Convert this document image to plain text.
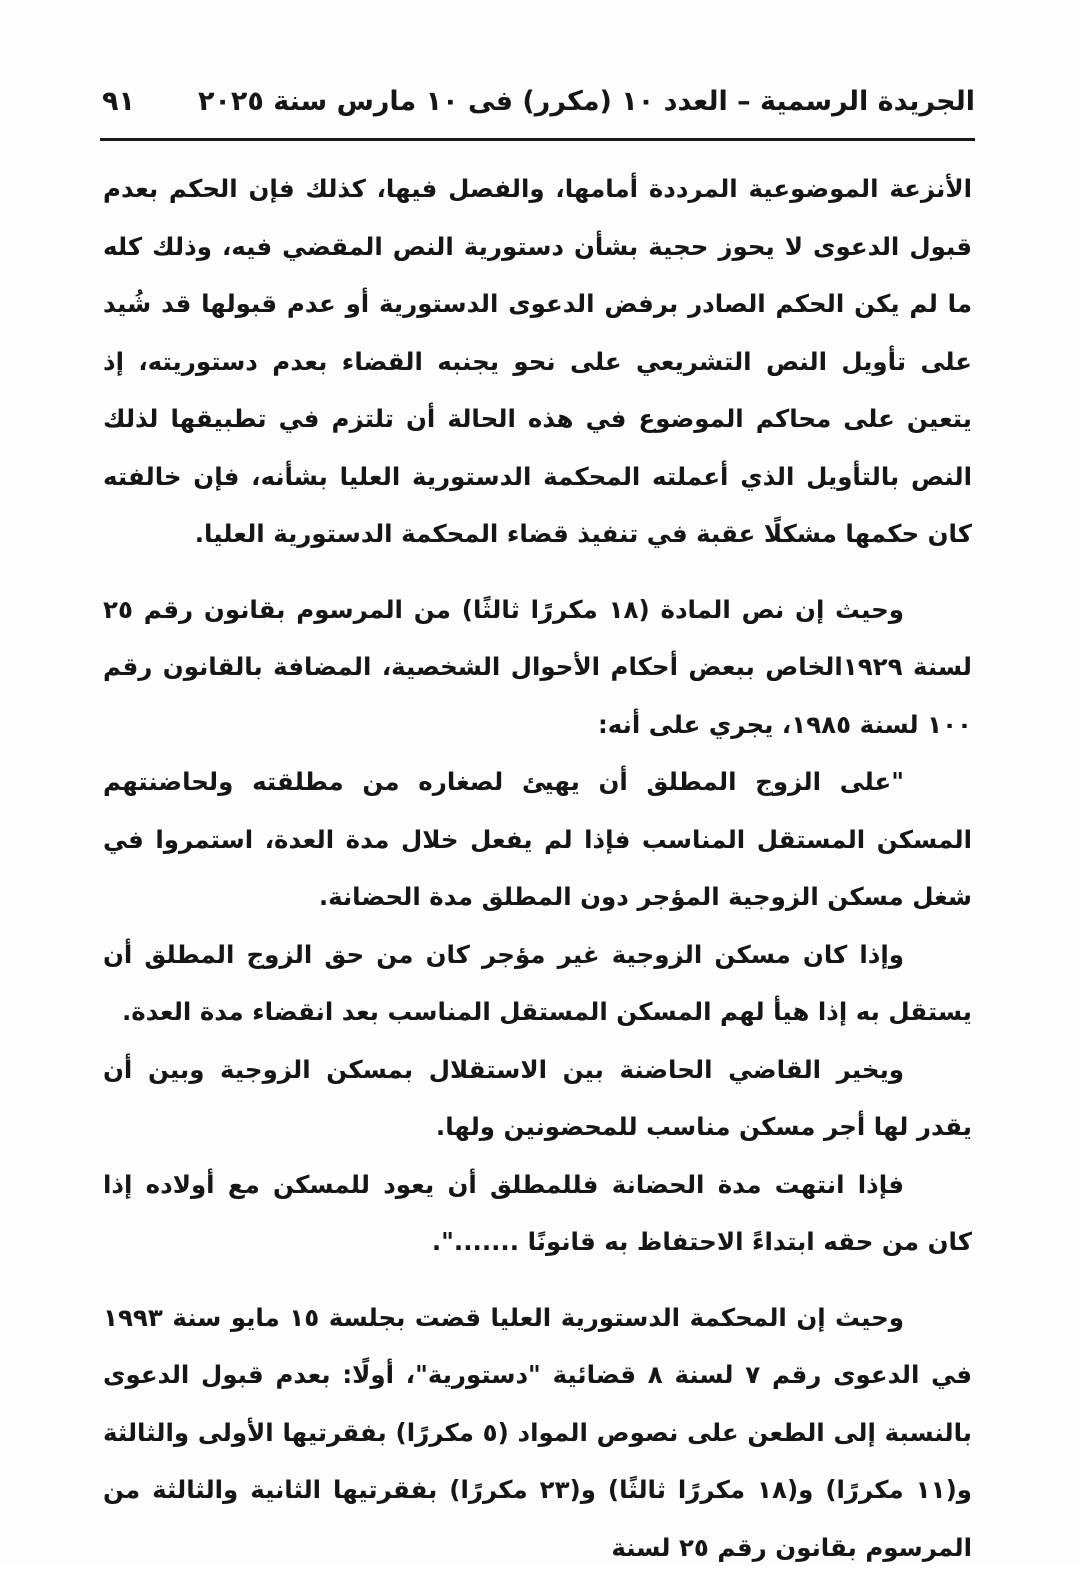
الجريدة الرسمية – العدد ١٠ (مكرر) فى ١٠ مارس سنة ٢٠٢٥
٩١

الأنزعة الموضوعية المرددة أمامها، والفصل فيها، كذلك فإن الحكم بعدم قبول الدعوى لا يحوز حجية بشأن دستورية النص المقضي فيه، وذلك كله ما لم يكن الحكم الصادر برفض الدعوى الدستورية أو عدم قبولها قد شُيد على تأويل النص التشريعي على نحو يجنبه القضاء بعدم دستوريته، إذ يتعين على محاكم الموضوع في هذه الحالة أن تلتزم في تطبيقها لذلك النص بالتأويل الذي أعملته المحكمة الدستورية العليا بشأنه، فإن خالفته كان حكمها مشكلًا عقبة في تنفيذ قضاء المحكمة الدستورية العليا.

وحيث إن نص المادة (١٨ مكررًا ثالثًا) من المرسوم بقانون رقم ٢٥ لسنة ١٩٢٩الخاص ببعض أحكام الأحوال الشخصية، المضافة بالقانون رقم ١٠٠ لسنة ١٩٨٥، يجري على أنه:

"على الزوج المطلق أن يهيئ لصغاره من مطلقته ولحاضنتهم المسكن المستقل المناسب فإذا لم يفعل خلال مدة العدة، استمروا في شغل مسكن الزوجية المؤجر دون المطلق مدة الحضانة.

وإذا كان مسكن الزوجية غير مؤجر كان من حق الزوج المطلق أن يستقل به إذا هيأ لهم المسكن المستقل المناسب بعد انقضاء مدة العدة.

ويخير القاضي الحاضنة بين الاستقلال بمسكن الزوجية وبين أن يقدر لها أجر مسكن مناسب للمحضونين ولها.

فإذا انتهت مدة الحضانة فللمطلق أن يعود للمسكن مع أولاده إذا كان من حقه ابتداءً الاحتفاظ به قانونًا .......".

وحيث إن المحكمة الدستورية العليا قضت بجلسة ١٥ مايو سنة ١٩٩٣ في الدعوى رقم ٧ لسنة ٨ قضائية "دستورية"، أولًا: بعدم قبول الدعوى بالنسبة إلى الطعن على نصوص المواد (٥ مكررًا) بفقرتيها الأولى والثالثة و(١١ مكررًا) و(١٨ مكررًا ثالثًا) و(٢٣ مكررًا) بفقرتيها الثانية والثالثة من المرسوم بقانون رقم ٢٥ لسنة
